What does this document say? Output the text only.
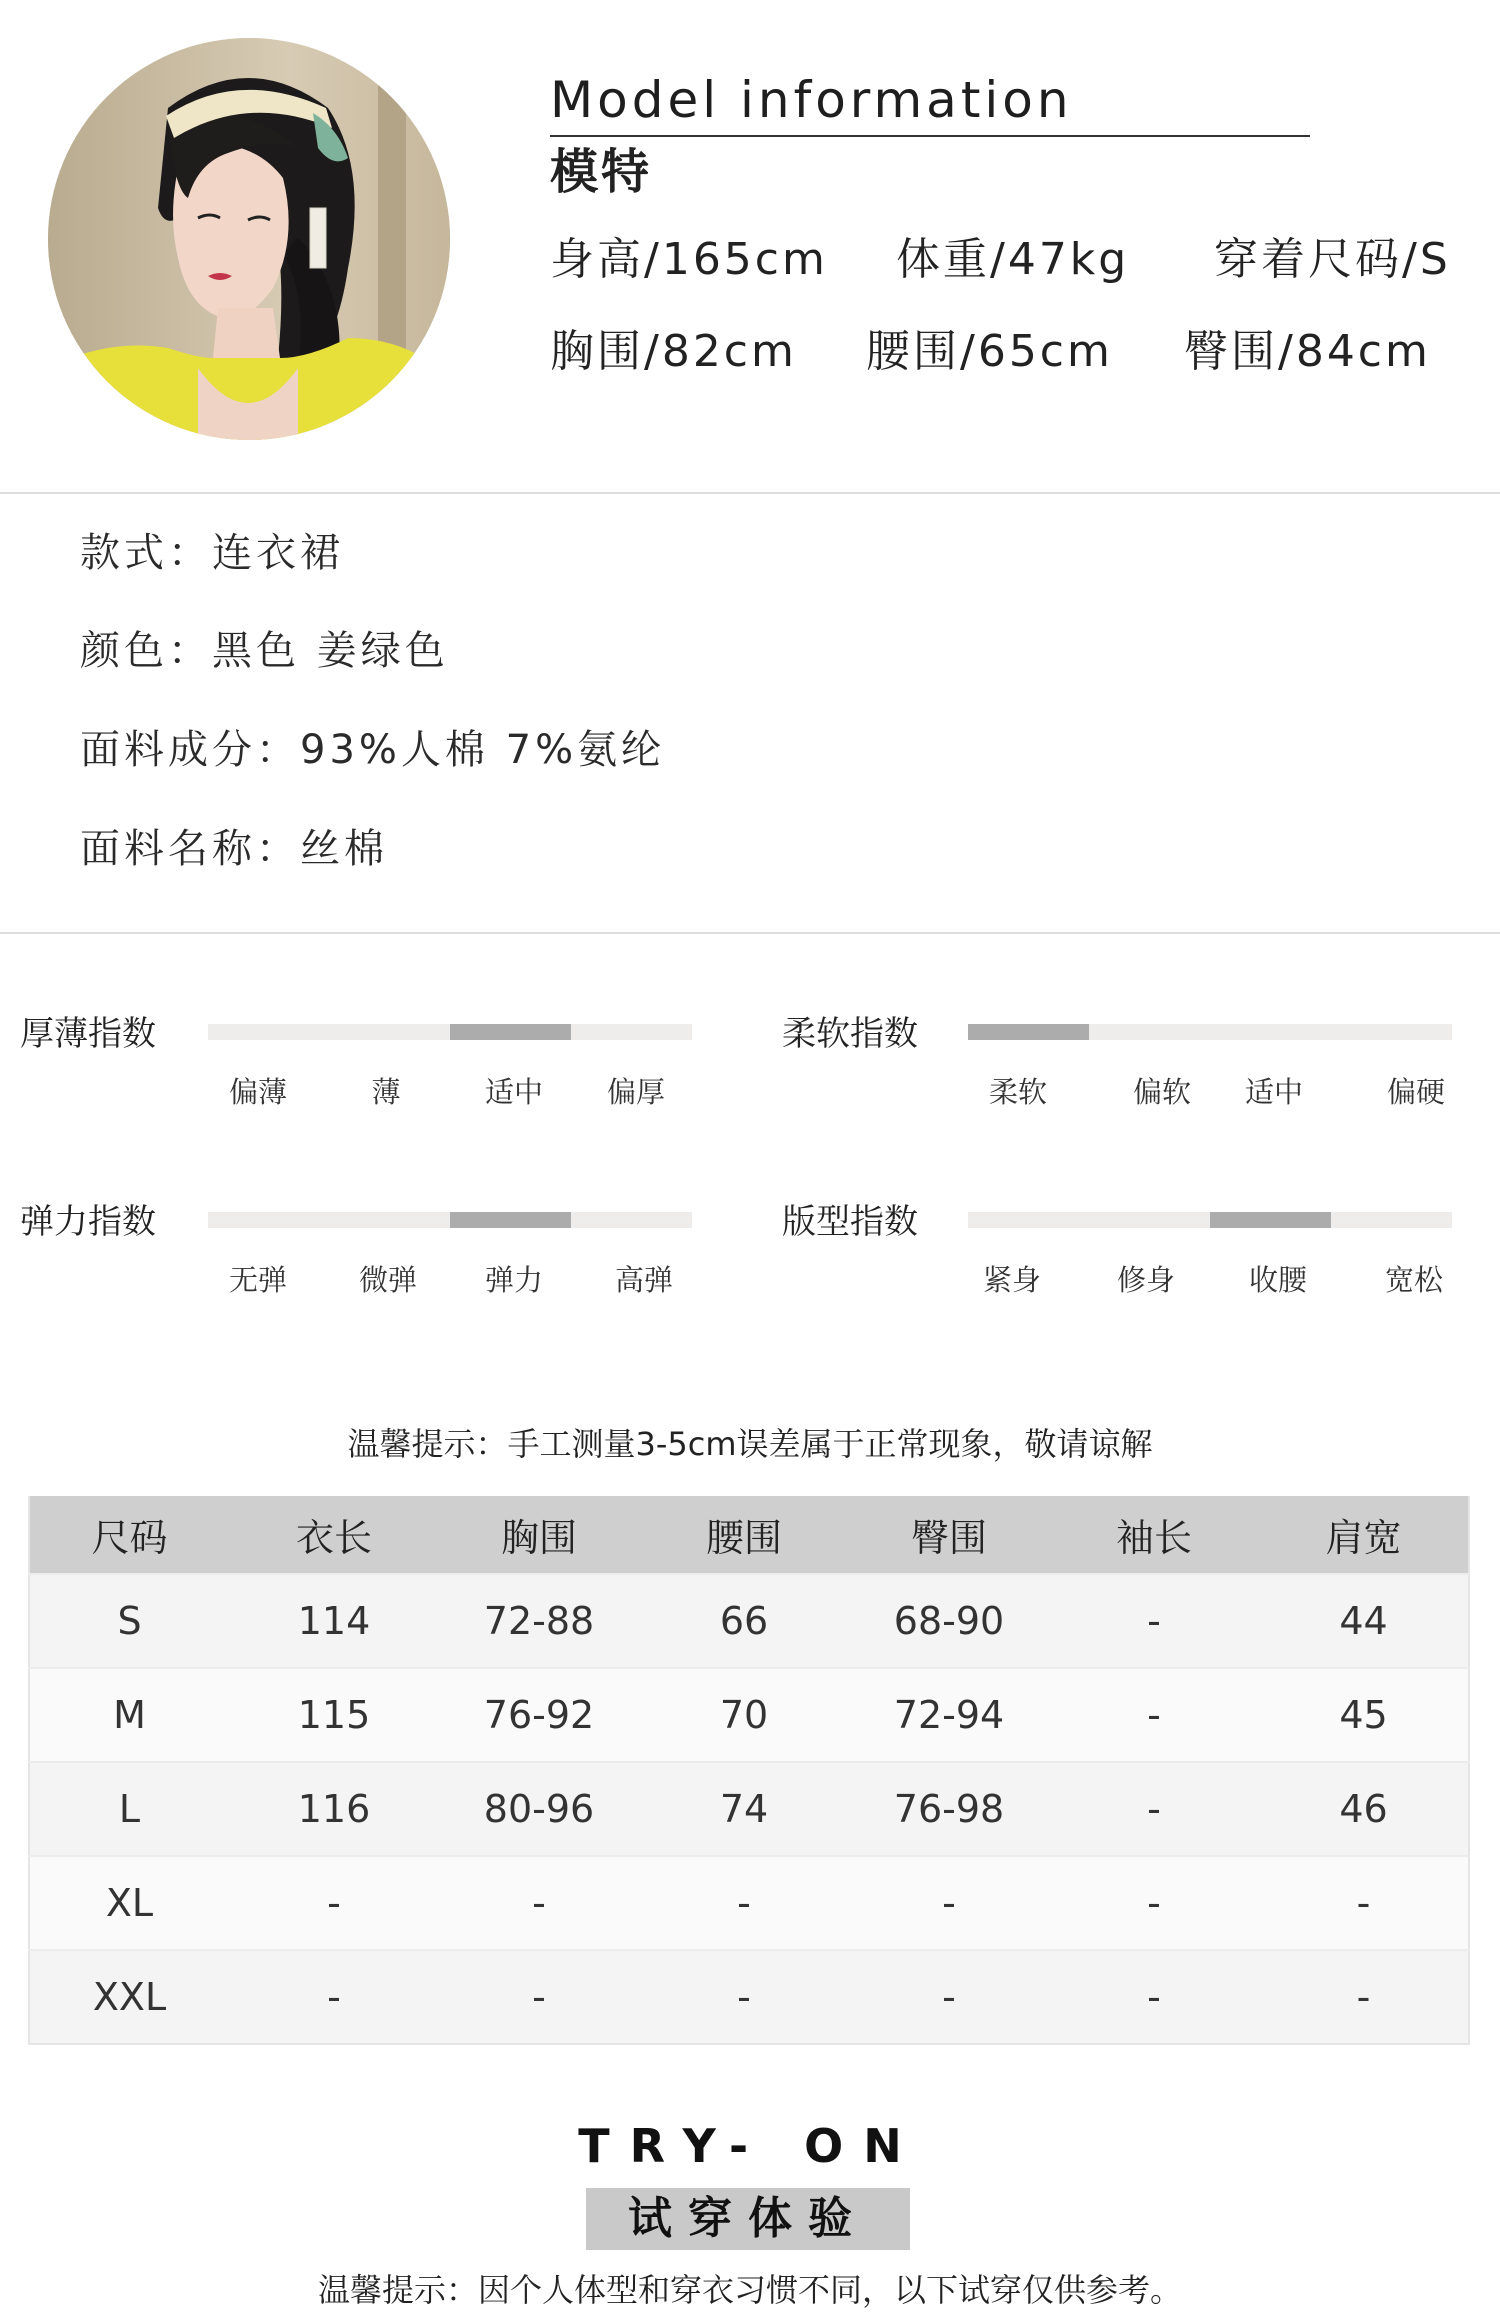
Model information
模特
身高/165cm 体重/47kg 穿着尺码/S
胸围/82cm 腰围/65cm 臀围/84cm
款式：连衣裙
颜色：黑色 姜绿色
面料成分：93%人棉 7%氨纶
面料名称：丝棉
厚薄指数
偏薄	薄	适中 偏厚
柔软指数
柔软	偏软 适中	偏硬
弹力指数
无弹 微弹 弹力 高弹
版型指数
紧身	修身	收腰	宽松
温馨提示：手工测量3-5cm误差属于正常现象，敬请谅解
尺码	衣长	胸围	腰围	臀围	袖长	肩宽
S	114	72-88	66	68-90	-	44
M	115	76-92	70	72-94	-	45
L	116	80-96	74	76-98	-	46
XL	-	-	-	-	-	-
XXL	-	-	-	-	-	-
TRY- ON
试穿体验
温馨提示：因个人体型和穿衣习惯不同，以下试穿仅供参考。
